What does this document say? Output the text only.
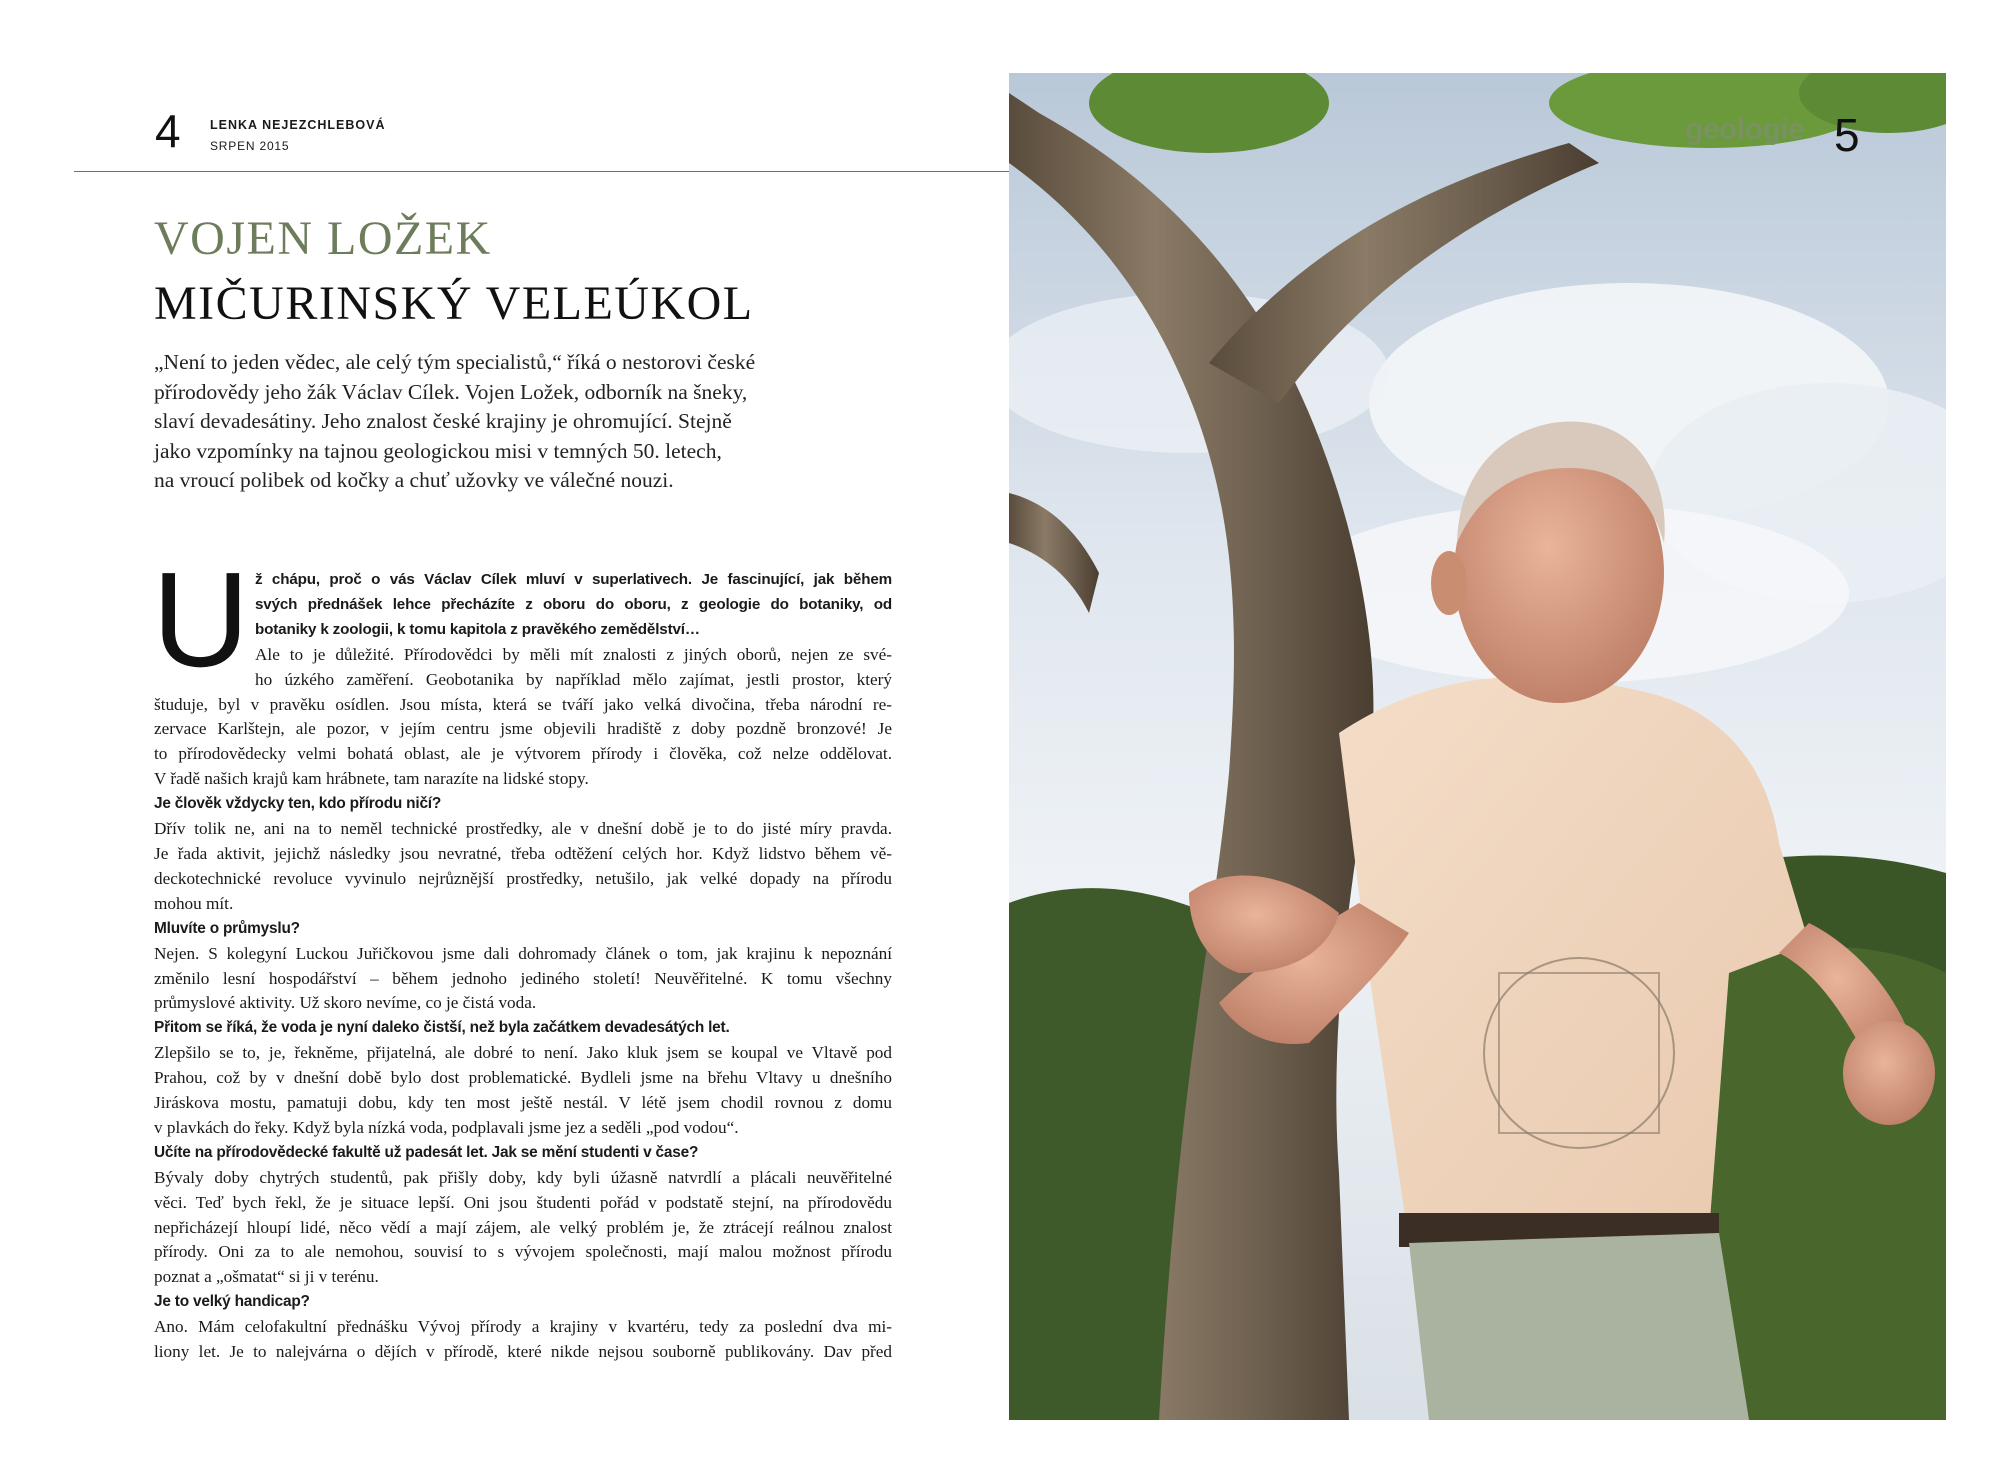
4 LENKA NEJEZCHLEBOVÁ
SRPEN 2015
VOJEN LOŽEK
MIČURINSKÝ VELEÚKOL
„Není to jeden vědec, ale celý tým specialistů,“ říká o nestorovi české
přírodovědy jeho žák Václav Cílek. Vojen Ložek, odborník na šneky,
slaví devadesátiny. Jeho znalost české krajiny je ohromující. Stejně
jako vzpomínky na tajnou geologickou misi v temných 50. letech,
na vroucí polibek od kočky a chuť užovky ve válečné nouzi.
U ž chápu, proč o vás Václav Cílek mluví v superlativech. Je fascinující, jak během
svých přednášek lehce přecházíte z oboru do oboru, z geologie do botaniky, od
botaniky k zoologii, k tomu kapitola z pravěkého zemědělství…
Ale to je důležité. Přírodovědci by měli mít znalosti z jiných oborů, nejen ze své-
ho úzkého zaměření. Geobotanika by například mělo zajímat, jestli prostor, který
študuje, byl v pravěku osídlen. Jsou místa, která se tváří jako velká divočina, třeba národní re-
zervace Karlštejn, ale pozor, v jejím centru jsme objevili hradiště z doby pozdně bronzové! Je
to přírodovědecky velmi bohatá oblast, ale je výtvorem přírody i člověka, což nelze oddělovat.
V řadě našich krajů kam hrábnete, tam narazíte na lidské stopy.
Je člověk vždycky ten, kdo přírodu ničí?
Dřív tolik ne, ani na to neměl technické prostředky, ale v dnešní době je to do jisté míry pravda.
Je řada aktivit, jejichž následky jsou nevratné, třeba odtěžení celých hor. Když lidstvo během vě-
deckotechnické revoluce vyvinulo nejrůznější prostředky, netušilo, jak velké dopady na přírodu
mohou mít.
Mluvíte o průmyslu?
Nejen. S kolegyní Luckou Juřičkovou jsme dali dohromady článek o tom, jak krajinu k nepoznání
změnilo lesní hospodářství – během jednoho jediného století! Neuvěřitelné. K tomu všechny
průmyslové aktivity. Už skoro nevíme, co je čistá voda.
Přitom se říká, že voda je nyní daleko čistší, než byla začátkem devadesátých let.
Zlepšilo se to, je, řekněme, přijatelná, ale dobré to není. Jako kluk jsem se koupal ve Vltavě pod
Prahou, což by v dnešní době bylo dost problematické. Bydleli jsme na břehu Vltavy u dnešního
Jiráskova mostu, pamatuji dobu, kdy ten most ještě nestál. V létě jsem chodil rovnou z domu
v plavkách do řeky. Když byla nízká voda, podplavali jsme jez a seděli „pod vodou“.
Učíte na přírodovědecké fakultě už padesát let. Jak se mění studenti v čase?
Bývaly doby chytrých studentů, pak přišly doby, kdy byli úžasně natvrdlí a plácali neuvěřitelné
věci. Teď bych řekl, že je situace lepší. Oni jsou študenti pořád v podstatě stejní, na přírodovědu
nepřicházejí hloupí lidé, něco vědí a mají zájem, ale velký problém je, že ztrácejí reálnou znalost
přírody. Oni za to ale nemohou, souvisí to s vývojem společnosti, mají malou možnost přírodu
poznat a „ošmatat“ si ji v terénu.
Je to velký handicap?
Ano. Mám celofakultní přednášku Vývoj přírody a krajiny v kvartéru, tedy za poslední dva mi-
liony let. Je to nalejvárna o dějích v přírodě, které nikde nejsou souborně publikovány. Dav před
geologie 5
